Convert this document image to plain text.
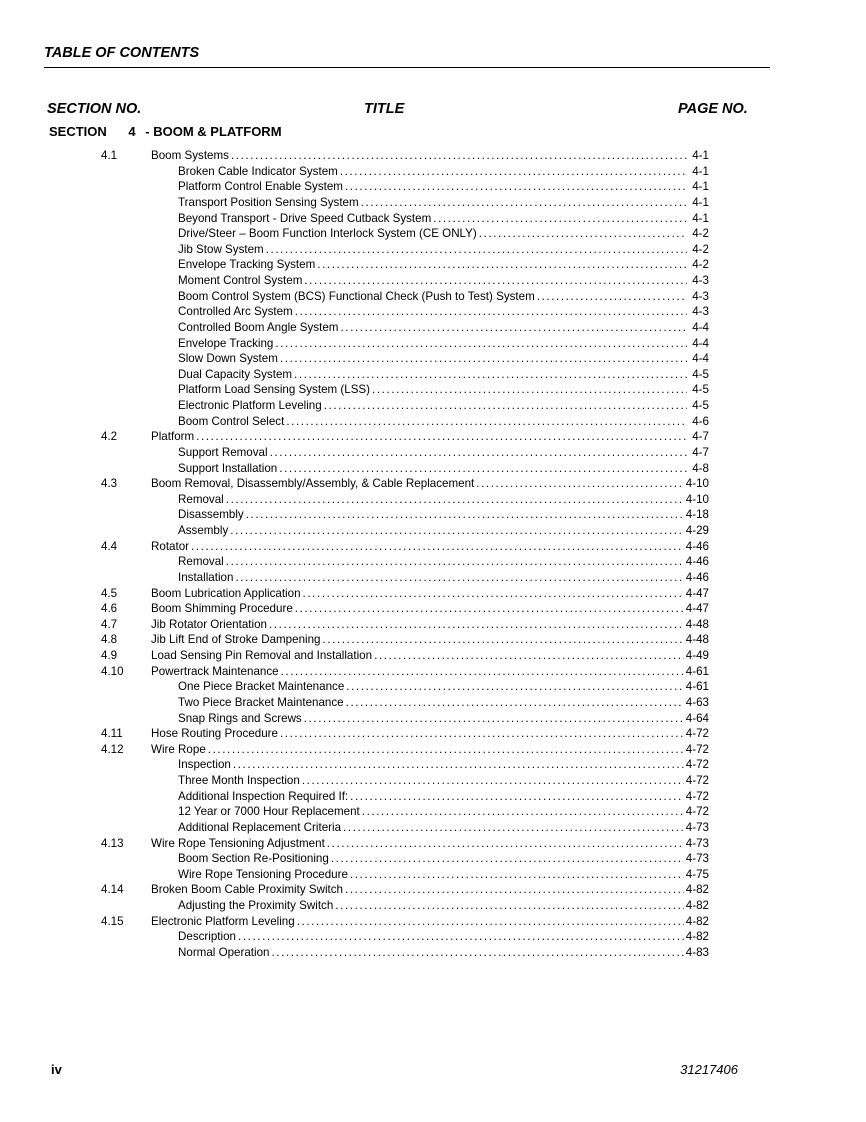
TABLE OF CONTENTS
SECTION NO.	TITLE	PAGE NO.
SECTION 4 - BOOM & PLATFORM
4.1	Boom Systems .....	4-1
Broken Cable Indicator System .....	4-1
Platform Control Enable System .....	4-1
Transport Position Sensing System .....	4-1
Beyond Transport - Drive Speed Cutback System .....	4-1
Drive/Steer – Boom Function Interlock System (CE ONLY) .....	4-2
Jib Stow System .....	4-2
Envelope Tracking System .....	4-2
Moment Control System .....	4-3
Boom Control System (BCS) Functional Check (Push to Test) System .....	4-3
Controlled Arc System .....	4-3
Controlled Boom Angle System .....	4-4
Envelope Tracking .....	4-4
Slow Down System .....	4-4
Dual Capacity System .....	4-5
Platform Load Sensing System (LSS) .....	4-5
Electronic Platform Leveling .....	4-5
Boom Control Select .....	4-6
4.2	Platform .....	4-7
Support Removal .....	4-7
Support Installation .....	4-8
4.3	Boom Removal, Disassembly/Assembly, & Cable Replacement .....	4-10
Removal .....	4-10
Disassembly .....	4-18
Assembly .....	4-29
4.4	Rotator .....	4-46
Removal .....	4-46
Installation .....	4-46
4.5	Boom Lubrication Application .....	4-47
4.6	Boom Shimming Procedure .....	4-47
4.7	Jib Rotator Orientation .....	4-48
4.8	Jib Lift End of Stroke Dampening .....	4-48
4.9	Load Sensing Pin Removal and Installation .....	4-49
4.10 Powertrack Maintenance .....	4-61
One Piece Bracket Maintenance .....	4-61
Two Piece Bracket Maintenance .....	4-63
Snap Rings and Screws .....	4-64
4.11 Hose Routing Procedure .....	4-72
4.12 Wire Rope .....	4-72
Inspection .....	4-72
Three Month Inspection .....	4-72
Additional Inspection Required If: .....	4-72
12 Year or 7000 Hour Replacement .....	4-72
Additional Replacement Criteria .....	4-73
4.13 Wire Rope Tensioning Adjustment .....	4-73
Boom Section Re-Positioning .....	4-73
Wire Rope Tensioning Procedure .....	4-75
4.14 Broken Boom Cable Proximity Switch .....	4-82
Adjusting the Proximity Switch .....	4-82
4.15 Electronic Platform Leveling .....	4-82
Description .....	4-82
Normal Operation .....	4-83
iv	31217406
